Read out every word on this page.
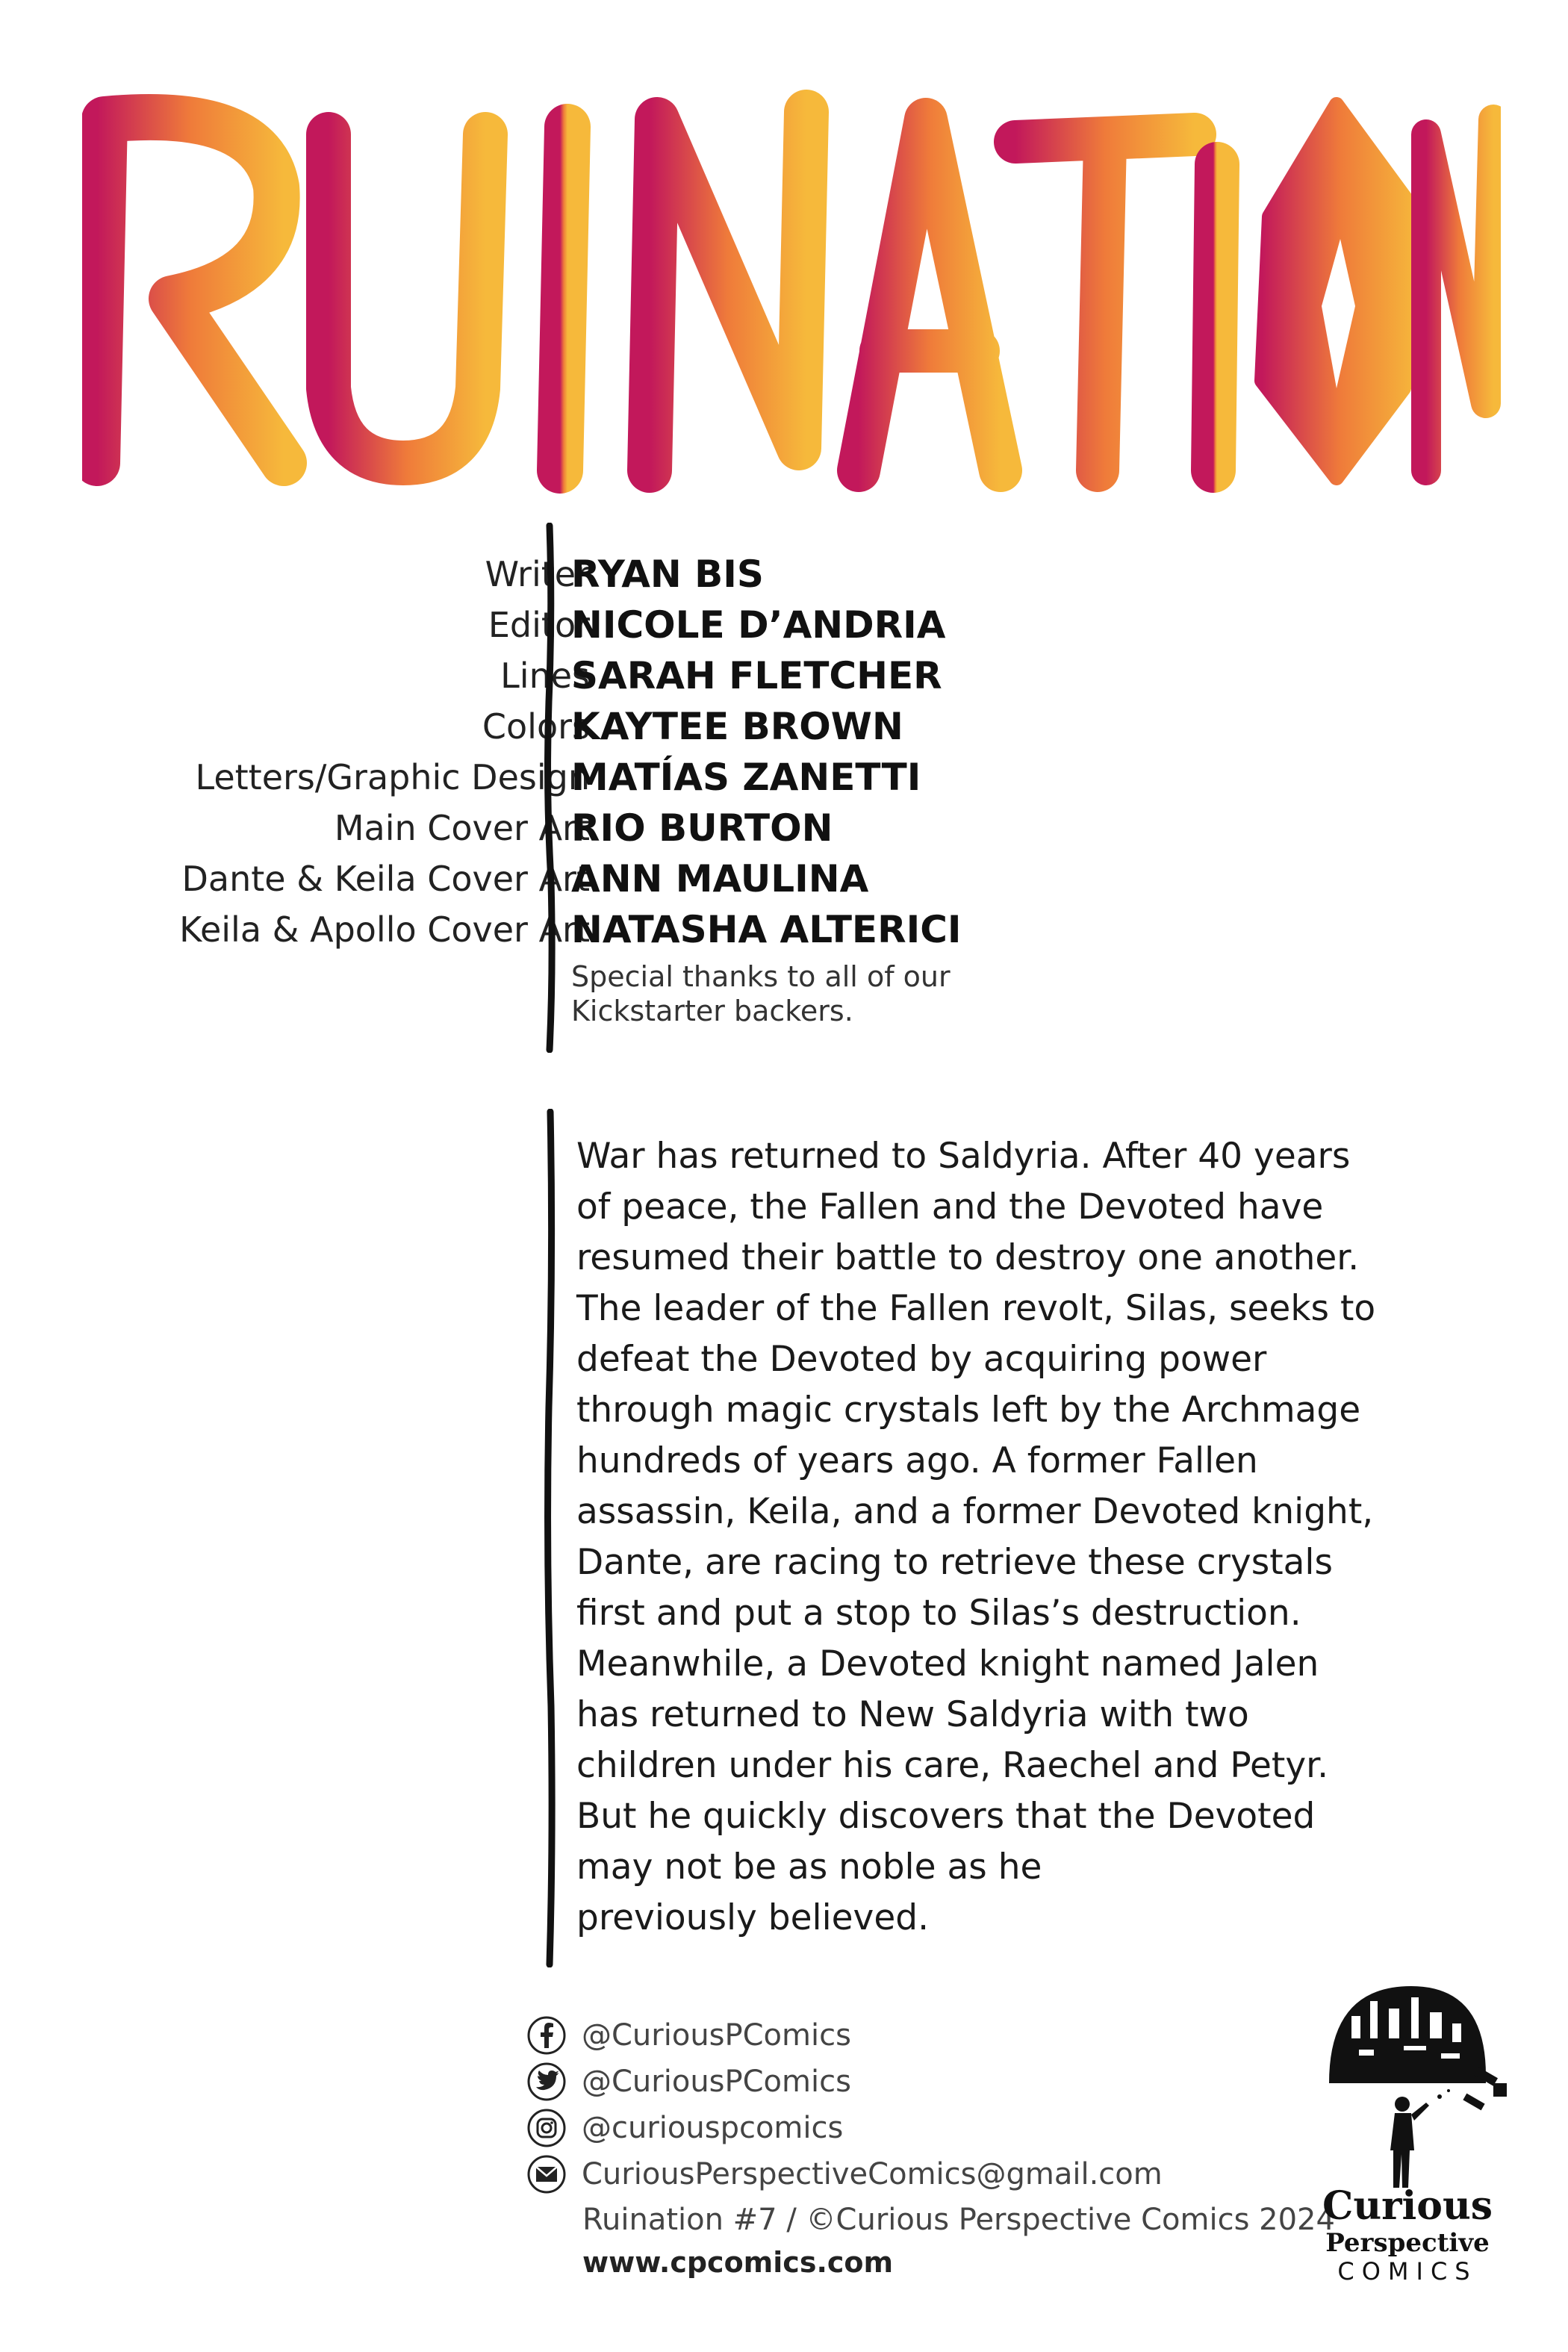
Writer
RYAN BIS
Editor
NICOLE D’ANDRIA
Lines
SARAH FLETCHER
Colors
KAYTEE BROWN
Letters/Graphic Design
MATÍAS ZANETTI
Main Cover Art
RIO BURTON
Dante & Keila Cover Art
ANN MAULINA
Keila & Apollo Cover Art
NATASHA ALTERICI
Special thanks to all of our
Kickstarter backers.
War has returned to Saldyria. After 40 years
of peace, the Fallen and the Devoted have
resumed their battle to destroy one another.
The leader of the Fallen revolt, Silas, seeks to
defeat the Devoted by acquiring power
through magic crystals left by the Archmage
hundreds of years ago. A former Fallen
assassin, Keila, and a former Devoted knight,
Dante, are racing to retrieve these crystals
first and put a stop to Silas’s destruction.
Meanwhile, a Devoted knight named Jalen
has returned to New Saldyria with two
children under his care, Raechel and Petyr.
But he quickly discovers that the Devoted
may not be as noble as he
previously believed.
@CuriousPComics
@CuriousPComics
@curiouspcomics
CuriousPerspectiveComics@gmail.com
Ruination #7 / ©Curious Perspective Comics 2024
www.cpcomics.com
Curious
Perspective
COMICS
